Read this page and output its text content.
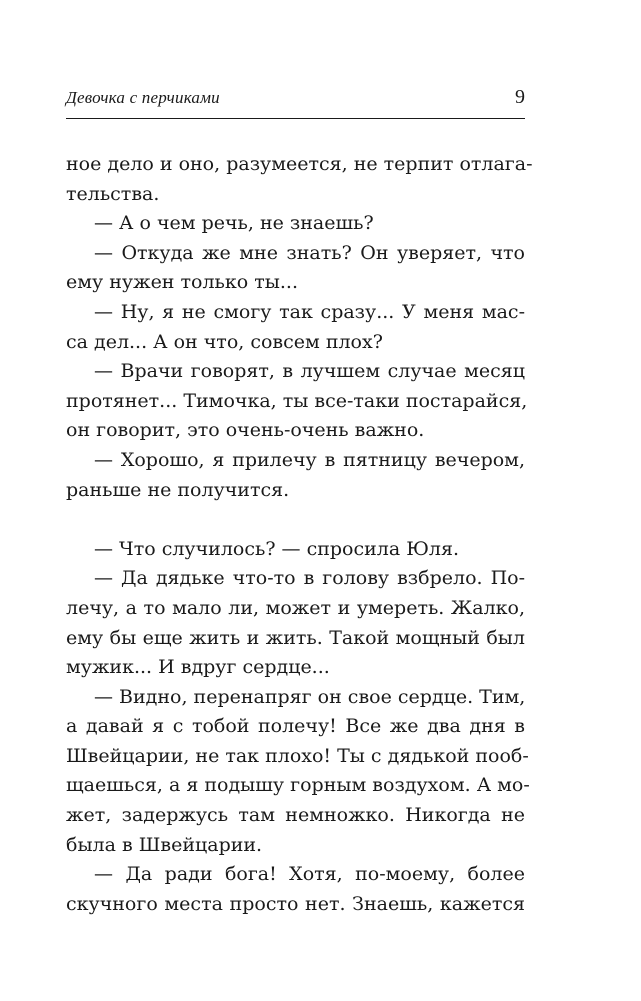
Девочка с перчиками	9
ное дело и оно, разумеется, не терпит отлага-
тельства.
— А о чем речь, не знаешь?
— Откуда же мне знать? Он уверяет, что
ему нужен только ты...
— Ну, я не смогу так сразу... У меня мас-
са дел... А он что, совсем плох?
— Врачи говорят, в лучшем случае месяц
протянет... Тимочка, ты все-таки постарайся,
он говорит, это очень-очень важно.
— Хорошо, я прилечу в пятницу вечером,
раньше не получится.
— Что случилось? — спросила Юля.
— Да дядьке что-то в голову взбрело. По-
лечу, а то мало ли, может и умереть. Жалко,
ему бы еще жить и жить. Такой мощный был
мужик... И вдруг сердце...
— Видно, перенапряг он свое сердце. Тим,
а давай я с тобой полечу! Все же два дня в
Швейцарии, не так плохо! Ты с дядькой пооб-
щаешься, а я подышу горным воздухом. А мо-
жет, задержусь там немножко. Никогда не
была в Швейцарии.
— Да ради бога! Хотя, по-моему, более
скучного места просто нет. Знаешь, кажется
